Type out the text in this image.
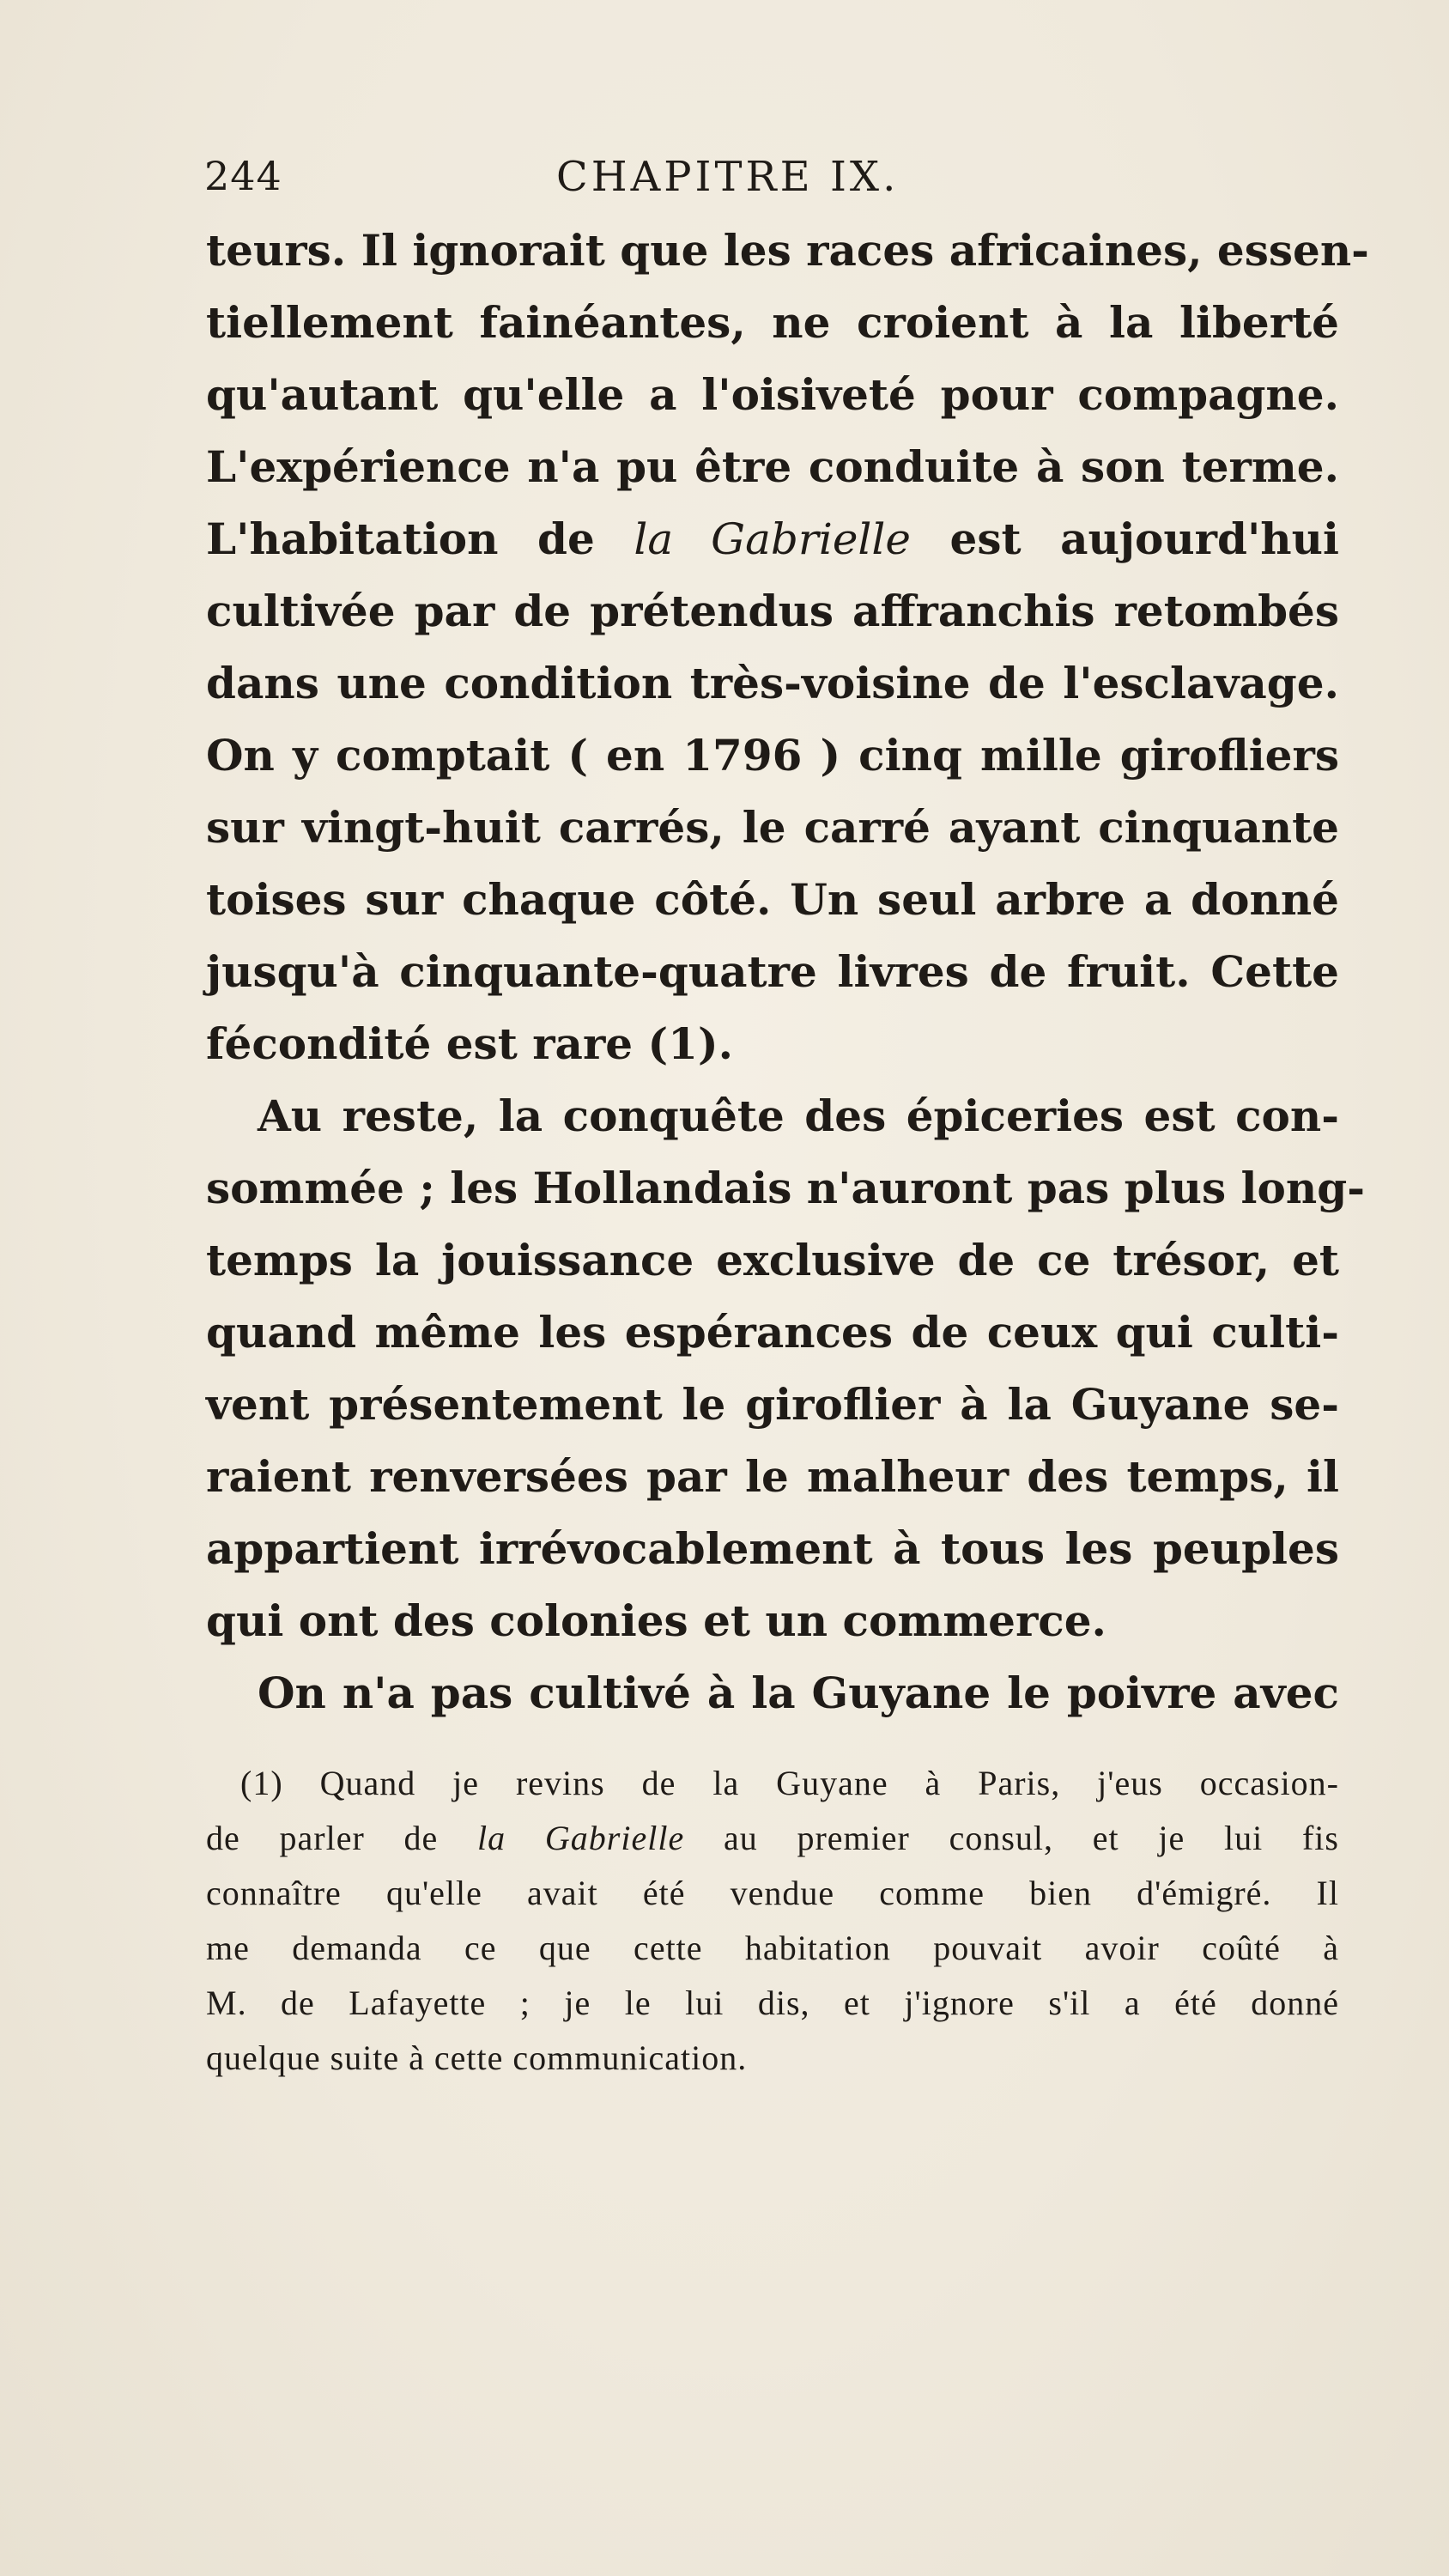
244	CHAPITRE IX.
teurs. Il ignorait que les races africaines, essen-
tiellement fainéantes, ne croient à la liberté
qu'autant qu'elle a l'oisiveté pour compagne.
L'expérience n'a pu être conduite à son terme.
L'habitation de la Gabrielle est aujourd'hui
cultivée par de prétendus affranchis retombés
dans une condition très-voisine de l'esclavage.
On y comptait ( en 1796 ) cinq mille girofliers
sur vingt-huit carrés, le carré ayant cinquante
toises sur chaque côté. Un seul arbre a donné
jusqu'à cinquante-quatre livres de fruit. Cette
fécondité est rare (1).
Au reste, la conquête des épiceries est con-
sommée ; les Hollandais n'auront pas plus long-
temps la jouissance exclusive de ce trésor, et
quand même les espérances de ceux qui culti-
vent présentement le giroflier à la Guyane se-
raient renversées par le malheur des temps, il
appartient irrévocablement à tous les peuples
qui ont des colonies et un commerce.
On n'a pas cultivé à la Guyane le poivre avec
(1) Quand je revins de la Guyane à Paris, j'eus occasion-
de parler de la Gabrielle au premier consul, et je lui fis
connaître qu'elle avait été vendue comme bien d'émigré. Il
me demanda ce que cette habitation pouvait avoir coûté à
M. de Lafayette ; je le lui dis, et j'ignore s'il a été donné
quelque suite à cette communication.
